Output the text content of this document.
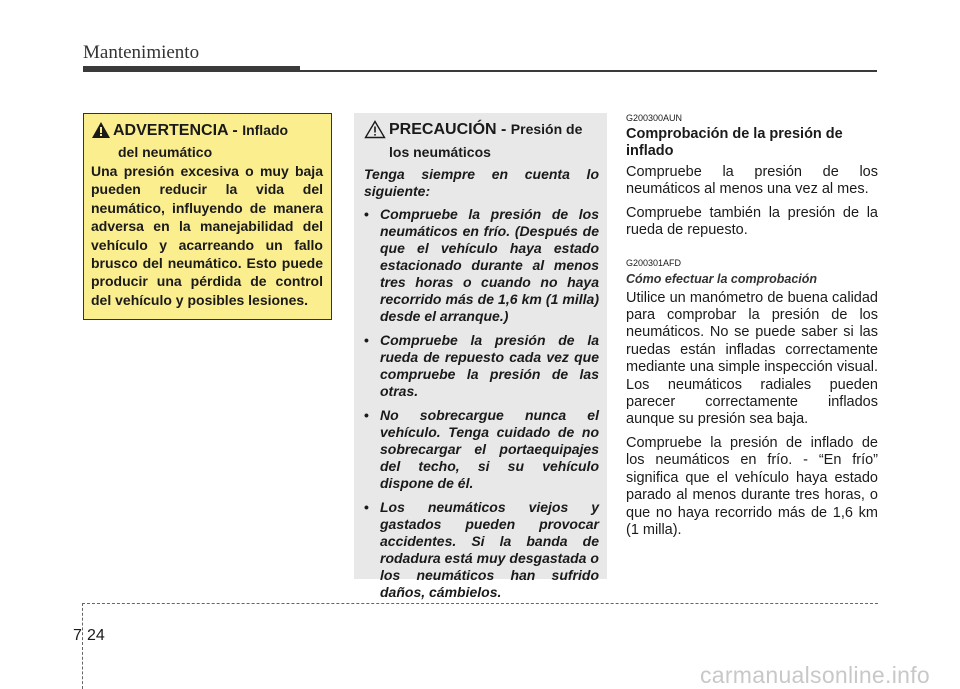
Mantenimiento
ADVERTENCIA - Inflado
del neumático
Una presión excesiva o muy baja pueden reducir la vida del neumático, influyendo de manera adversa en la manejabilidad del vehículo y acarreando un fallo brusco del neumático. Esto puede producir una pérdida de control del vehículo y posibles lesiones.
PRECAUCIÓN - Presión de
los neumáticos
Tenga siempre en cuenta lo siguiente:
• Compruebe la presión de los neumáticos en frío. (Después de que el vehículo haya estado estacionado durante al menos tres horas o cuando no haya recorrido más de 1,6 km (1 milla) desde el arranque.)
• Compruebe la presión de la rueda de repuesto cada vez que compruebe la presión de las otras.
• No sobrecargue nunca el vehículo. Tenga cuidado de no sobrecargar el portaequipajes del techo, si su vehículo dispone de él.
• Los neumáticos viejos y gastados pueden provocar accidentes. Si la banda de rodadura está muy desgastada o los neumáticos han sufrido daños, cámbielos.
G200300AUN
Comprobación de la presión de inflado
Compruebe la presión de los neumáticos al menos una vez al mes.
Compruebe también la presión de la rueda de repuesto.
G200301AFD
Cómo efectuar la comprobación
Utilice un manómetro de buena calidad para comprobar la presión de los neumáticos. No se puede saber si las ruedas están infladas correctamente mediante una simple inspección visual. Los neumáticos radiales pueden parecer correctamente inflados aunque su presión sea baja.
Compruebe la presión de inflado de los neumáticos en frío. - “En frío” significa que el vehículo haya estado parado al menos durante tres horas, o que no haya recorrido más de 1,6 km (1 milla).
7 24
carmanualsonline.info
